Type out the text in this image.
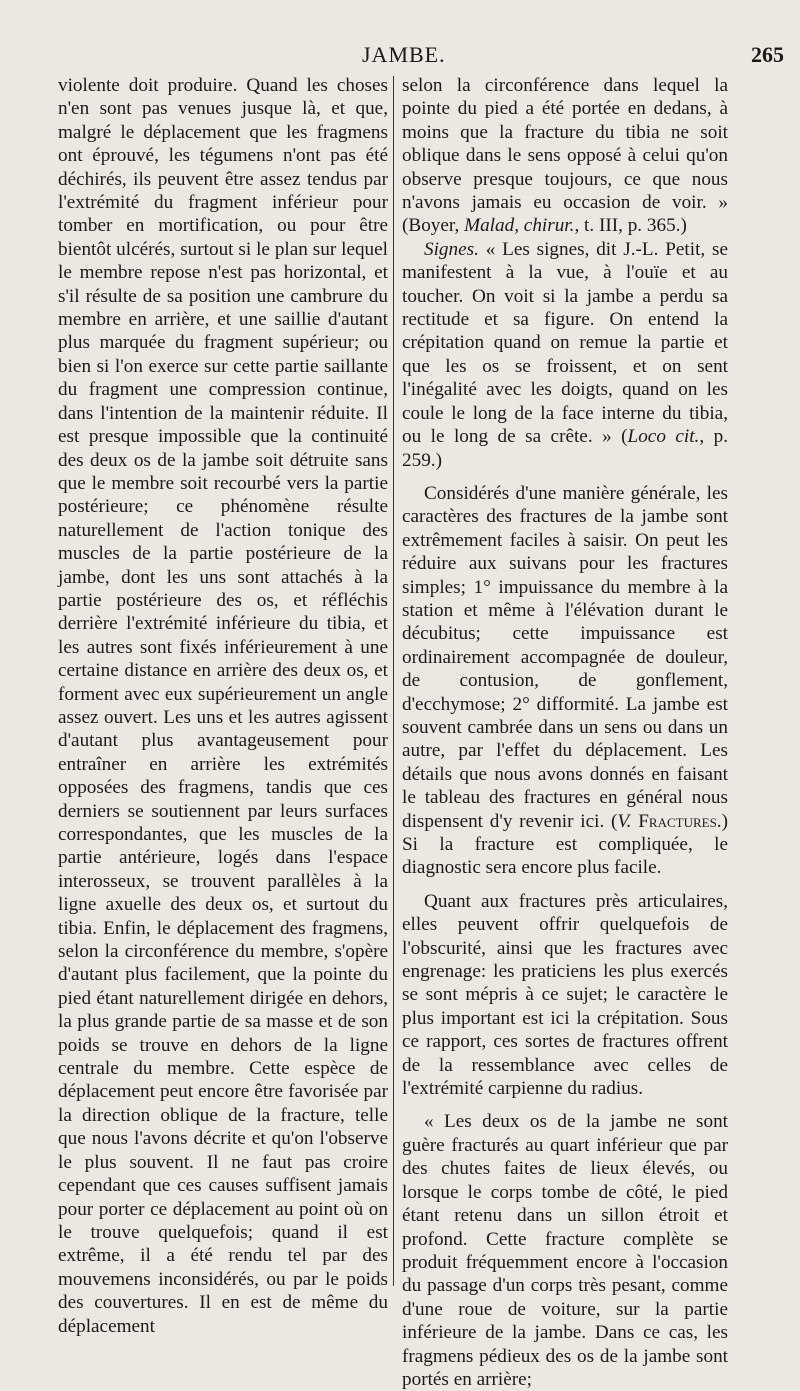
JAMBE.	265

violente doit produire. Quand les choses n'en sont pas venues jusque là, et que, malgré le déplacement que les fragmens ont éprouvé, les tégumens n'ont pas été déchirés, ils peuvent être assez tendus par l'extrémité du fragment inférieur pour tomber en mortification, ou pour être bientôt ulcérés, surtout si le plan sur lequel le membre repose n'est pas horizontal, et s'il résulte de sa position une cambrure du membre en arrière, et une saillie d'autant plus marquée du fragment supérieur; ou bien si l'on exerce sur cette partie saillante du fragment une compression continue, dans l'intention de la maintenir réduite. Il est presque impossible que la continuité des deux os de la jambe soit détruite sans que le membre soit recourbé vers la partie postérieure; ce phénomène résulte naturellement de l'action tonique des muscles de la partie postérieure de la jambe, dont les uns sont attachés à la partie postérieure des os, et réfléchis derrière l'extrémité inférieure du tibia, et les autres sont fixés inférieurement à une certaine distance en arrière des deux os, et forment avec eux supérieurement un angle assez ouvert. Les uns et les autres agissent d'autant plus avantageusement pour entraîner en arrière les extrémités opposées des fragmens, tandis que ces derniers se soutiennent par leurs surfaces correspondantes, que les muscles de la partie antérieure, logés dans l'espace interosseux, se trouvent parallèles à la ligne axuelle des deux os, et surtout du tibia. Enfin, le déplacement des fragmens, selon la circonférence du membre, s'opère d'autant plus facilement, que la pointe du pied étant naturellement dirigée en dehors, la plus grande partie de sa masse et de son poids se trouve en dehors de la ligne centrale du membre. Cette espèce de déplacement peut encore être favorisée par la direction oblique de la fracture, telle que nous l'avons décrite et qu'on l'observe le plus souvent. Il ne faut pas croire cependant que ces causes suffisent jamais pour porter ce déplacement au point où on le trouve quelquefois; quand il est extrême, il a été rendu tel par des mouvemens inconsidérés, ou par le poids des couvertures. Il en est de même du déplacement

selon la circonférence dans lequel la pointe du pied a été portée en dedans, à moins que la fracture du tibia ne soit oblique dans le sens opposé à celui qu'on observe presque toujours, ce que nous n'avons jamais eu occasion de voir. » (Boyer, Malad, chirur., t. III, p. 365.)

Signes. « Les signes, dit J.-L. Petit, se manifestent à la vue, à l'ouïe et au toucher. On voit si la jambe a perdu sa rectitude et sa figure. On entend la crépitation quand on remue la partie et que les os se froissent, et on sent l'inégalité avec les doigts, quand on les coule le long de la face interne du tibia, ou le long de sa crête. » (Loco cit., p. 259.)

Considérés d'une manière générale, les caractères des fractures de la jambe sont extrêmement faciles à saisir. On peut les réduire aux suivans pour les fractures simples; 1° impuissance du membre à la station et même à l'élévation durant le décubitus; cette impuissance est ordinairement accompagnée de douleur, de contusion, de gonflement, d'ecchymose; 2° difformité. La jambe est souvent cambrée dans un sens ou dans un autre, par l'effet du déplacement. Les détails que nous avons donnés en faisant le tableau des fractures en général nous dispensent d'y revenir ici. (V. Fractures.) Si la fracture est compliquée, le diagnostic sera encore plus facile.

Quant aux fractures près articulaires, elles peuvent offrir quelquefois de l'obscurité, ainsi que les fractures avec engrenage: les praticiens les plus exercés se sont mépris à ce sujet; le caractère le plus important est ici la crépitation. Sous ce rapport, ces sortes de fractures offrent de la ressemblance avec celles de l'extrémité carpienne du radius.

« Les deux os de la jambe ne sont guère fracturés au quart inférieur que par des chutes faites de lieux élevés, ou lorsque le corps tombe de côté, le pied étant retenu dans un sillon étroit et profond. Cette fracture complète se produit fréquemment encore à l'occasion du passage d'un corps très pesant, comme d'une roue de voiture, sur la partie inférieure de la jambe. Dans ce cas, les fragmens pédieux des os de la jambe sont portés en arrière;
